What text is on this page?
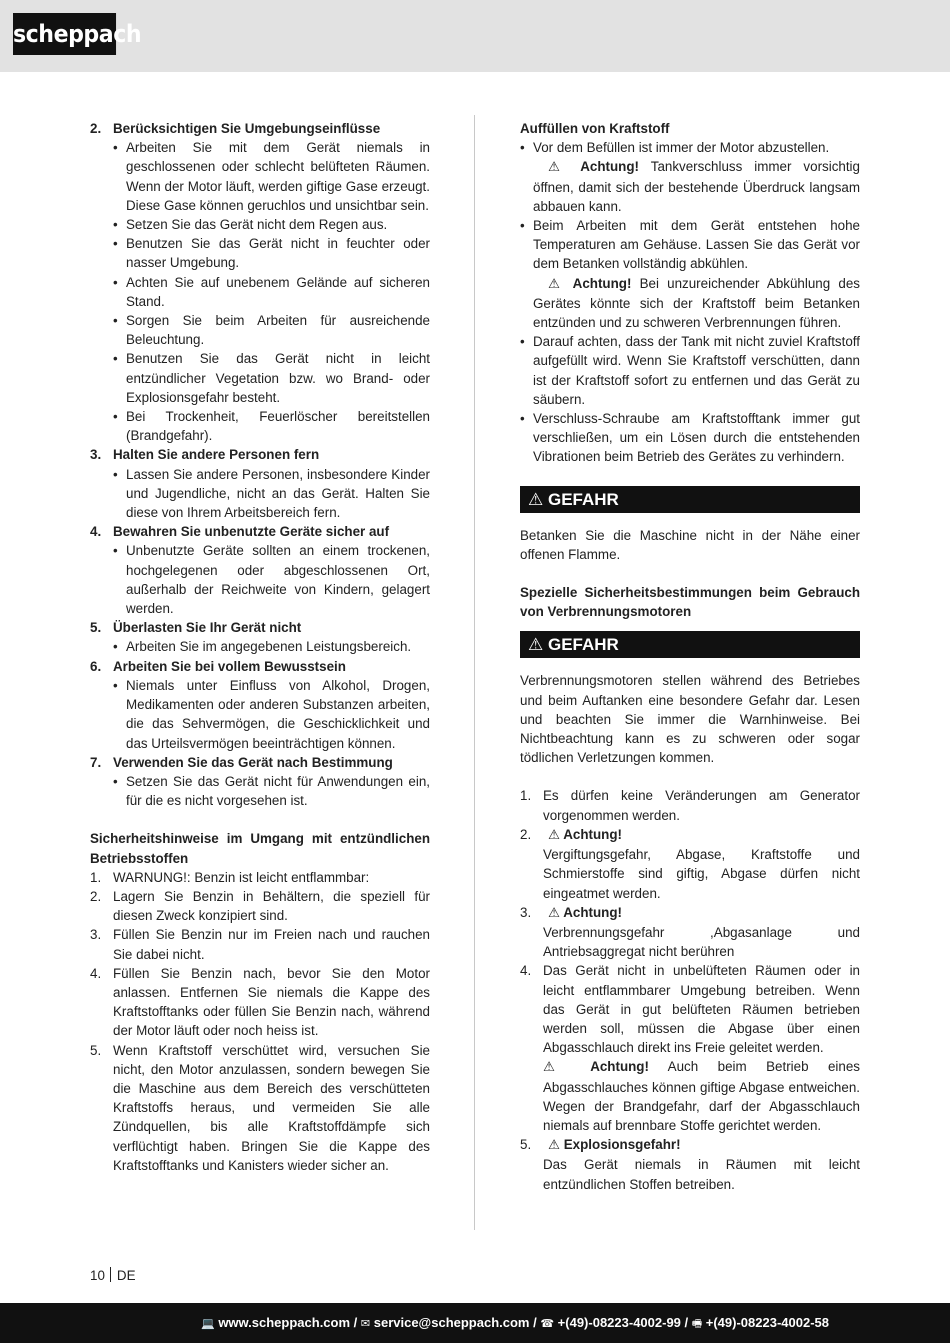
scheppach
2. Berücksichtigen Sie Umgebungseinflüsse
• Arbeiten Sie mit dem Gerät niemals in geschlossenen oder schlecht belüfteten Räumen. Wenn der Motor läuft, werden giftige Gase erzeugt. Diese Gase können geruchlos und unsichtbar sein.
• Setzen Sie das Gerät nicht dem Regen aus.
• Benutzen Sie das Gerät nicht in feuchter oder nasser Umgebung.
• Achten Sie auf unebenem Gelände auf sicheren Stand.
• Sorgen Sie beim Arbeiten für ausreichende Beleuchtung.
• Benutzen Sie das Gerät nicht in leicht entzündlicher Vegetation bzw. wo Brand- oder Explosionsgefahr besteht.
• Bei Trockenheit, Feuerlöscher bereitstellen (Brandgefahr).
3. Halten Sie andere Personen fern
• Lassen Sie andere Personen, insbesondere Kinder und Jugendliche, nicht an das Gerät. Halten Sie diese von Ihrem Arbeitsbereich fern.
4. Bewahren Sie unbenutzte Geräte sicher auf
• Unbenutzte Geräte sollten an einem trockenen, hochgelegenen oder abgeschlossenen Ort, außerhalb der Reichweite von Kindern, gelagert werden.
5. Überlasten Sie Ihr Gerät nicht
• Arbeiten Sie im angegebenen Leistungsbereich.
6. Arbeiten Sie bei vollem Bewusstsein
• Niemals unter Einfluss von Alkohol, Drogen, Medikamenten oder anderen Substanzen arbeiten, die das Sehvermögen, die Geschicklichkeit und das Urteilsvermögen beeinträchtigen können.
7. Verwenden Sie das Gerät nach Bestimmung
• Setzen Sie das Gerät nicht für Anwendungen ein, für die es nicht vorgesehen ist.
Sicherheitshinweise im Umgang mit entzündlichen Betriebsstoffen
1. WARNUNG!: Benzin ist leicht entflammbar:
2. Lagern Sie Benzin in Behältern, die speziell für diesen Zweck konzipiert sind.
3. Füllen Sie Benzin nur im Freien nach und rauchen Sie dabei nicht.
4. Füllen Sie Benzin nach, bevor Sie den Motor anlassen. Entfernen Sie niemals die Kappe des Kraftstofftanks oder füllen Sie Benzin nach, während der Motor läuft oder noch heiss ist.
5. Wenn Kraftstoff verschüttet wird, versuchen Sie nicht, den Motor anzulassen, sondern bewegen Sie die Maschine aus dem Bereich des verschütteten Kraftstoffs heraus, und vermeiden Sie alle Zündquellen, bis alle Kraftstoffdämpfe sich verflüchtigt haben. Bringen Sie die Kappe des Kraftstofftanks und Kanisters wieder sicher an.
Auffüllen von Kraftstoff
• Vor dem Befüllen ist immer der Motor abzustellen.
⚠ Achtung! Tankverschluss immer vorsichtig öffnen, damit sich der bestehende Überdruck langsam abbauen kann.
• Beim Arbeiten mit dem Gerät entstehen hohe Temperaturen am Gehäuse. Lassen Sie das Gerät vor dem Betanken vollständig abkühlen.
⚠ Achtung! Bei unzureichender Abkühlung des Gerätes könnte sich der Kraftstoff beim Betanken entzünden und zu schweren Verbrennungen führen.
• Darauf achten, dass der Tank mit nicht zuviel Kraftstoff aufgefüllt wird. Wenn Sie Kraftstoff verschütten, dann ist der Kraftstoff sofort zu entfernen und das Gerät zu säubern.
• Verschluss-Schraube am Kraftstofftank immer gut verschließen, um ein Lösen durch die entstehenden Vibrationen beim Betrieb des Gerätes zu verhindern.
⚠ GEFAHR
Betanken Sie die Maschine nicht in der Nähe einer offenen Flamme.
Spezielle Sicherheitsbestimmungen beim Gebrauch von Verbrennungsmotoren
⚠ GEFAHR
Verbrennungsmotoren stellen während des Betriebes und beim Auftanken eine besondere Gefahr dar. Lesen und beachten Sie immer die Warnhinweise. Bei Nichtbeachtung kann es zu schweren oder sogar tödlichen Verletzungen kommen.
1. Es dürfen keine Veränderungen am Generator vorgenommen werden.
2.	⚠ Achtung!
Vergiftungsgefahr, Abgase, Kraftstoffe und Schmierstoffe sind giftig, Abgase dürfen nicht eingeatmet werden.
3.	⚠ Achtung!
Verbrennungsgefahr ,Abgasanlage und Antriebsaggregat nicht berühren
4. Das Gerät nicht in unbelüfteten Räumen oder in leicht entflammbarer Umgebung betreiben. Wenn das Gerät in gut belüfteten Räumen betrieben werden soll, müssen die Abgase über einen Abgasschlauch direkt ins Freie geleitet werden.
⚠ Achtung! Auch beim Betrieb eines Abgasschlauches können giftige Abgase entweichen. Wegen der Brandgefahr, darf der Abgasschlauch niemals auf brennbare Stoffe gerichtet werden.
5.	⚠ Explosionsgefahr!
Das Gerät niemals in Räumen mit leicht entzündlichen Stoffen betreiben.
10 DE
💻 www.scheppach.com / ✉ service@scheppach.com / ☎ +(49)-08223-4002-99 / 🖷 +(49)-08223-4002-58
